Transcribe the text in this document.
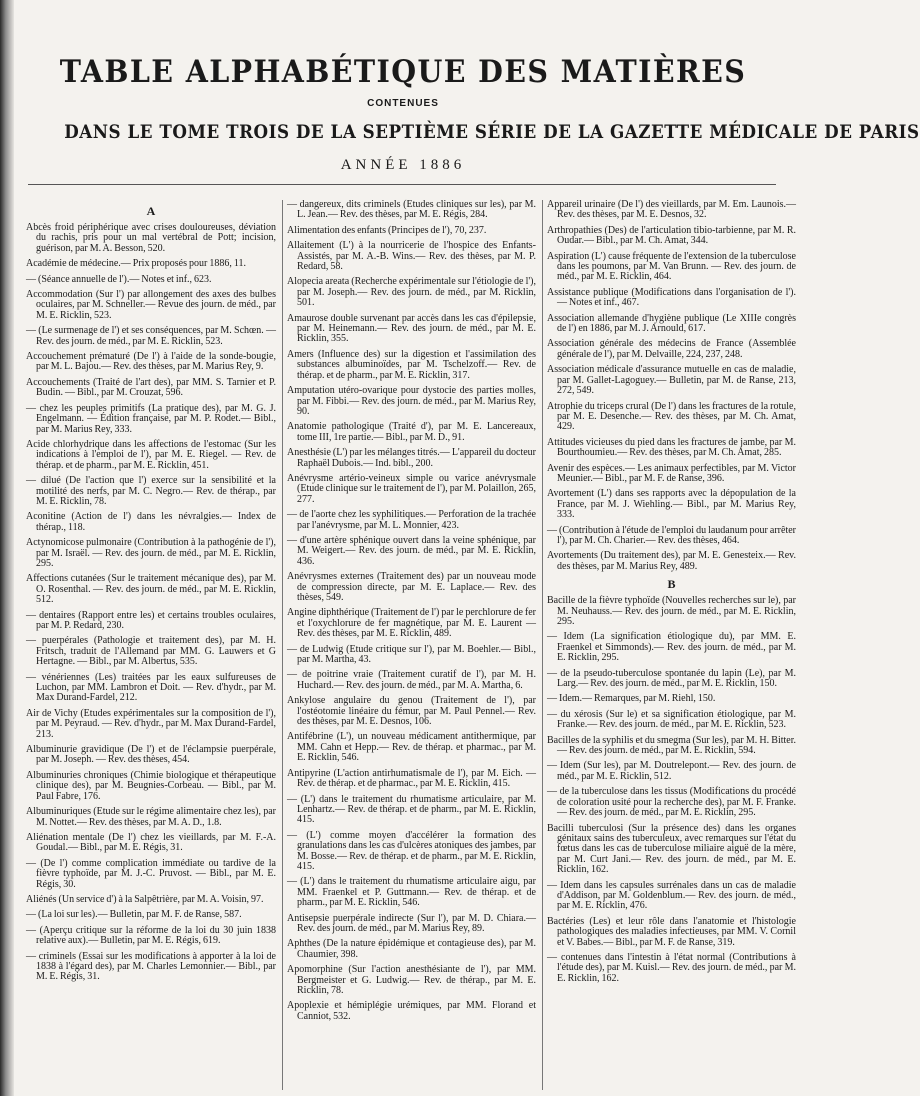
TABLE ALPHABÉTIQUE DES MATIÈRES
CONTENUES
DANS LE TOME TROIS DE LA SEPTIÈME SÉRIE DE LA GAZETTE MÉDICALE DE PARIS
ANNÉE 1886
A

Abcès froid périphérique avec crises douloureuses, déviation du rachis, pris pour un mal vertébral de Pott; incision, guérison, par M. A. Besson, 520.

Académie de médecine.— Prix proposés pour 1886, 11.

— (Séance annuelle de l').— Notes et inf., 623.

Accommodation (Sur l') par allongement des axes des bulbes oculaires, par M. Schneller.— Revue des journ. de méd., par M. E. Ricklin, 523.

— (Le surmenage de l') et ses conséquences, par M. Schœn. — Rev. des journ. de méd., par M. E. Ricklin, 523.

Accouchement prématuré (De l') à l'aide de la sonde-bougie, par M. L. Bajou.— Rev. des thèses, par M. Marius Rey, 9.

Accouchements (Traité de l'art des), par MM. S. Tarnier et P. Budin. — Bibl., par M. Crouzat, 596.

— chez les peuples primitifs (La pratique des), par M. G. J. Engelmann. — Édition française, par M. P. Rodet.— Bibl., par M. Marius Rey, 333.

Acide chlorhydrique dans les affections de l'estomac (Sur les indications à l'emploi de l'), par M. E. Riegel. — Rev. de thérap. et de pharm., par M. E. Ricklin, 451.

— dilué (De l'action que l') exerce sur la sensibilité et la motilité des nerfs, par M. C. Negro.— Rev. de thérap., par M. E. Ricklin, 78.

Aconitine (Action de l') dans les névralgies.— Index de thérap., 118.

Actynomicose pulmonaire (Contribution à la pathogénie de l'), par M. Israël. — Rev. des journ. de méd., par M. E. Ricklin, 295.

Affections cutanées (Sur le traitement mécanique des), par M. O. Rosenthal. — Rev. des journ. de méd., par M. E. Ricklin, 512.

— dentaires (Rapport entre les) et certains troubles oculaires, par M. P. Redard, 230.

— puerpérales (Pathologie et traitement des), par M. H. Fritsch, traduit de l'Allemand par MM. G. Lauwers et G Hertagne. — Bibl., par M. Albertus, 535.

— vénériennes (Les) traitées par les eaux sulfureuses de Luchon, par MM. Lambron et Doit. — Rev. d'hydr., par M. Max Durand-Fardel, 212.

Air de Vichy (Etudes expérimentales sur la composition de l'), par M. Peyraud. — Rev. d'hydr., par M. Max Durand-Fardel, 213.

Albuminurie gravidique (De l') et de l'éclampsie puerpérale, par M. Joseph. — Rev. des thèses, 454.

Albuminuries chroniques (Chimie biologique et thérapeutique clinique des), par M. Beugnies-Corbeau. — Bibl., par M. Paul Fabre, 176.

Albuminuriques (Etude sur le régime alimentaire chez les), par M. Nottet.— Rev. des thèses, par M. A. D., 1.8.

Aliénation mentale (De l') chez les vieillards, par M. F.-A. Goudal.— Bibl., par M. E. Régis, 31.

— (De l') comme complication immédiate ou tardive de la fièvre typhoïde, par M. J.-C. Pruvost. — Bibl., par M. E. Régis, 30.

Aliénés (Un service d') à la Salpêtrière, par M. A. Voisin, 97.

— (La loi sur les).— Bulletin, par M. F. de Ranse, 587.

— (Aperçu critique sur la réforme de la loi du 30 juin 1838 relative aux).— Bulletin, par M. E. Régis, 619.

— criminels (Essai sur les modifications à apporter à la loi de 1838 à l'égard des), par M. Charles Lemonnier.— Bibl., par M. E. Régis, 31.

— dangereux, dits criminels (Etudes cliniques sur les), par M. L. Jean.— Rev. des thèses, par M. E. Régis, 284.

Alimentation des enfants (Principes de l'), 70, 237.

Allaitement (L') à la nourricerie de l'hospice des Enfants-Assistés, par M. A.-B. Wins.— Rev. des thèses, par M. P. Redard, 58.

Alopecia areata (Recherche expérimentale sur l'étiologie de l'), par M. Joseph.— Rev. des journ. de méd., par M. Ricklin, 501.

Amaurose double survenant par accès dans les cas d'épilepsie, par M. Heinemann.— Rev. des journ. de méd., par M. E. Ricklin, 355.

Amers (Influence des) sur la digestion et l'assimilation des substances albuminoïdes, par M. Tschelzoff.— Rev. de thérap. et de pharm., par M. E. Ricklin, 317.

Amputation utéro-ovarique pour dystocie des parties molles, par M. Fibbi.— Rev. des journ. de méd., par M. Marius Rey, 90.

Anatomie pathologique (Traité d'), par M. E. Lancereaux, tome III, 1re partie.— Bibl., par M. D., 91.

Anesthésie (L') par les mélanges titrés.— L'appareil du docteur Raphaël Dubois.— Ind. bibl., 200.

Anévrysme artério-veineux simple ou varice anévrysmale (Etude clinique sur le traitement de l'), par M. Polaillon, 265, 277.

— de l'aorte chez les syphilitiques.— Perforation de la trachée par l'anévrysme, par M. L. Monnier, 423.

— d'une artère sphénique ouvert dans la veine sphénique, par M. Weigert.— Rev. des journ. de méd., par M. E. Ricklin, 436.

Anévrysmes externes (Traitement des) par un nouveau mode de compression directe, par M. E. Laplace.— Rev. des thèses, 549.

Angine diphthérique (Traitement de l') par le perchlorure de fer et l'oxychlorure de fer magnétique, par M. E. Laurent — Rev. des thèses, par M. E. Ricklin, 489.

— de Ludwig (Etude critique sur l'), par M. Boehler.— Bibl., par M. Martha, 43.

— de poitrine vraie (Traitement curatif de l'), par M. H. Huchard.— Rev. des journ. de méd., par M. A. Martha, 6.

Ankylose angulaire du genou (Traitement de l'), par l'ostéotomie linéaire du fémur, par M. Paul Pennel.— Rev. des thèses, par M. E. Desnos, 106.

Antifébrine (L'), un nouveau médicament antithermique, par MM. Cahn et Hepp.— Rev. de thérap. et pharmac., par M. E. Ricklin, 546.

Antipyrine (L'action antirhumatismale de l'), par M. Eich. — Rev. de thérap. et de pharmac., par M. E. Ricklin, 415.

— (L') dans le traitement du rhumatisme articulaire, par M. Lenhartz.— Rev. de thérap. et de pharm., par M. E. Ricklin, 415.

— (L') comme moyen d'accélérer la formation des granulations dans les cas d'ulcères atoniques des jambes, par M. Bosse.— Rev. de thérap. et de pharm., par M. E. Ricklin, 415.

— (L') dans le traitement du rhumatisme articulaire aigu, par MM. Fraenkel et P. Guttmann.— Rev. de thérap. et de pharm., par M. E. Ricklin, 546.

Antisepsie puerpérale indirecte (Sur l'), par M. D. Chiara.— Rev. des journ. de méd., par M. Marius Rey, 89.

Aphthes (De la nature épidémique et contagieuse des), par M. Chaumier, 398.

Apomorphine (Sur l'action anesthésiante de l'), par MM. Bergmeister et G. Ludwig.— Rev. de thérap., par M. E. Ricklin, 78.

Apoplexie et hémiplégie urémiques, par MM. Florand et Canniot, 532.

Appareil urinaire (De l') des vieillards, par M. Em. Launois.— Rev. des thèses, par M. E. Desnos, 32.

Arthropathies (Des) de l'articulation tibio-tarbienne, par M. R. Oudar.— Bibl., par M. Ch. Amat, 344.

Aspiration (L') cause fréquente de l'extension de la tuberculose dans les poumons, par M. Van Brunn. — Rev. des journ. de méd., par M. E. Ricklin, 464.

Assistance publique (Modifications dans l'organisation de l').— Notes et inf., 467.

Association allemande d'hygiène publique (Le XIIIe congrès de l') en 1886, par M. J. Arnould, 617.

Association générale des médecins de France (Assemblée générale de l'), par M. Delvaille, 224, 237, 248.

Association médicale d'assurance mutuelle en cas de maladie, par M. Gallet-Lagoguey.— Bulletin, par M. de Ranse, 213, 272, 549.

Atrophie du triceps crural (De l') dans les fractures de la rotule, par M. E. Desenche.— Rev. des thèses, par M. Ch. Amat, 429.

Attitudes vicieuses du pied dans les fractures de jambe, par M. Bourthoumieu.— Rev. des thèses, par M. Ch. Amat, 285.

Avenir des espèces.— Les animaux perfectibles, par M. Victor Meunier.— Bibl., par M. F. de Ranse, 396.

Avortement (L') dans ses rapports avec la dépopulation de la France, par M. J. Wiehling.— Bibl., par M. Marius Rey, 333.

— (Contribution à l'étude de l'emploi du laudanum pour arrêter l'), par M. Ch. Charier.— Rev. des thèses, 464.

Avortements (Du traitement des), par M. E. Genesteix.— Rev. des thèses, par M. Marius Rey, 489.

B

Bacille de la fièvre typhoïde (Nouvelles recherches sur le), par M. Neuhauss.— Rev. des journ. de méd., par M. E. Ricklin, 295.

— Idem (La signification étiologique du), par MM. E. Fraenkel et Simmonds).— Rev. des journ. de méd., par M. E. Ricklin, 295.

— de la pseudo-tuberculose spontanée du lapin (Le), par M. Larg.— Rev. des journ. de méd., par M. E. Ricklin, 150.

— Idem.— Remarques, par M. Riehl, 150.

— du xérosis (Sur le) et sa signification étiologique, par M. Franke.— Rev. des journ. de méd., par M. E. Ricklin, 523.

Bacilles de la syphilis et du smegma (Sur les), par M. H. Bitter.— Rev. des journ. de méd., par M. E. Ricklin, 594.

— Idem (Sur les), par M. Doutrelepont.— Rev. des journ. de méd., par M. E. Ricklin, 512.

— de la tuberculose dans les tissus (Modifications du procédé de coloration usité pour la recherche des), par M. F. Franke.— Rev. des journ. de méd., par M. E. Ricklin, 295.

Bacilli tuberculosi (Sur la présence des) dans les organes génitaux sains des tuberculeux, avec remarques sur l'état du fœtus dans les cas de tuberculose miliaire aiguë de la mère, par M. Curt Jani.— Rev. des journ. de méd., par M. E. Ricklin, 162.

— Idem dans les capsules surrénales dans un cas de maladie d'Addison, par M. Goldenblum.— Rev. des journ. de méd., par M. E. Ricklin, 476.

Bactéries (Les) et leur rôle dans l'anatomie et l'histologie pathologiques des maladies infectieuses, par MM. V. Cornil et V. Babes.— Bibl., par M. F. de Ranse, 319.

— contenues dans l'intestin à l'état normal (Contributions à l'étude des), par M. Kuisl.— Rev. des journ. de méd., par M. E. Ricklin, 162.
